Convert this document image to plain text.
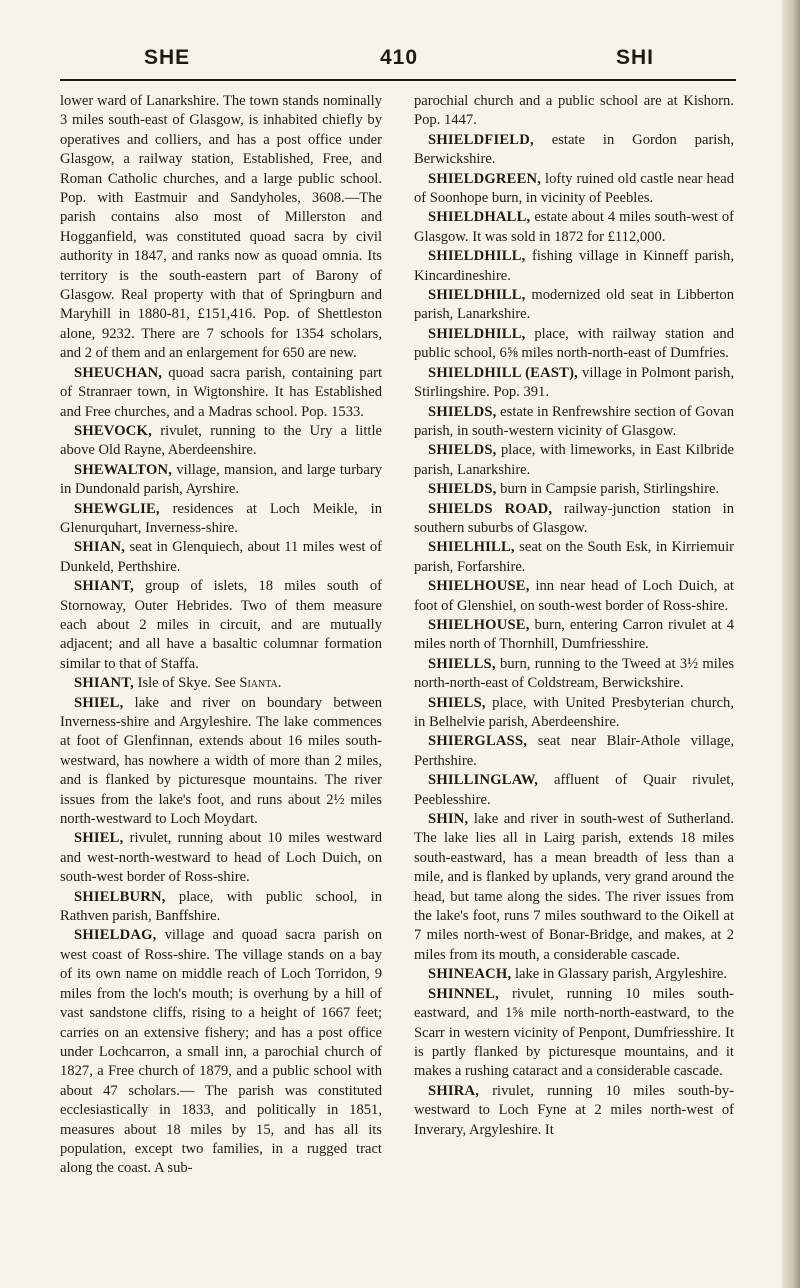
SHE	410	SHI

lower ward of Lanarkshire. The town stands nominally 3 miles south-east of Glasgow, is inhabited chiefly by operatives and colliers, and has a post office under Glasgow, a railway station, Established, Free, and Roman Catholic churches, and a large public school. Pop. with Eastmuir and Sandyholes, 3608.—The parish contains also most of Millerston and Hogganfield, was constituted quoad sacra by civil authority in 1847, and ranks now as quoad omnia. Its territory is the south-eastern part of Barony of Glasgow. Real property with that of Springburn and Maryhill in 1880-81, £151,416. Pop. of Shettleston alone, 9232. There are 7 schools for 1354 scholars, and 2 of them and an enlargement for 650 are new.

SHEUCHAN, quoad sacra parish, containing part of Stranraer town, in Wigtonshire. It has Established and Free churches, and a Madras school. Pop. 1533.

SHEVOCK, rivulet, running to the Ury a little above Old Rayne, Aberdeenshire.

SHEWALTON, village, mansion, and large turbary in Dundonald parish, Ayrshire.

SHEWGLIE, residences at Loch Meikle, in Glenurquhart, Inverness-shire.

SHIAN, seat in Glenquiech, about 11 miles west of Dunkeld, Perthshire.

SHIANT, group of islets, 18 miles south of Stornoway, Outer Hebrides. Two of them measure each about 2 miles in circuit, and are mutually adjacent; and all have a basaltic columnar formation similar to that of Staffa.

SHIANT, Isle of Skye. See Sianta.

SHIEL, lake and river on boundary between Inverness-shire and Argyleshire. The lake commences at foot of Glenfinnan, extends about 16 miles south-westward, has nowhere a width of more than 2 miles, and is flanked by picturesque mountains. The river issues from the lake's foot, and runs about 2½ miles north-westward to Loch Moydart.

SHIEL, rivulet, running about 10 miles westward and west-north-westward to head of Loch Duich, on south-west border of Ross-shire.

SHIELBURN, place, with public school, in Rathven parish, Banffshire.

SHIELDAG, village and quoad sacra parish on west coast of Ross-shire. The village stands on a bay of its own name on middle reach of Loch Torridon, 9 miles from the loch's mouth; is overhung by a hill of vast sandstone cliffs, rising to a height of 1667 feet; carries on an extensive fishery; and has a post office under Lochcarron, a small inn, a parochial church of 1827, a Free church of 1879, and a public school with about 47 scholars.— The parish was constituted ecclesiastically in 1833, and politically in 1851, measures about 18 miles by 15, and has all its population, except two families, in a rugged tract along the coast. A sub-

parochial church and a public school are at Kishorn. Pop. 1447.

SHIELDFIELD, estate in Gordon parish, Berwickshire.

SHIELDGREEN, lofty ruined old castle near head of Soonhope burn, in vicinity of Peebles.

SHIELDHALL, estate about 4 miles south-west of Glasgow. It was sold in 1872 for £112,000.

SHIELDHILL, fishing village in Kinneff parish, Kincardineshire.

SHIELDHILL, modernized old seat in Libberton parish, Lanarkshire.

SHIELDHILL, place, with railway station and public school, 6⅝ miles north-north-east of Dumfries.

SHIELDHILL (EAST), village in Polmont parish, Stirlingshire. Pop. 391.

SHIELDS, estate in Renfrewshire section of Govan parish, in south-western vicinity of Glasgow.

SHIELDS, place, with limeworks, in East Kilbride parish, Lanarkshire.

SHIELDS, burn in Campsie parish, Stirlingshire.

SHIELDS ROAD, railway-junction station in southern suburbs of Glasgow.

SHIELHILL, seat on the South Esk, in Kirriemuir parish, Forfarshire.

SHIELHOUSE, inn near head of Loch Duich, at foot of Glenshiel, on south-west border of Ross-shire.

SHIELHOUSE, burn, entering Carron rivulet at 4 miles north of Thornhill, Dumfriesshire.

SHIELLS, burn, running to the Tweed at 3½ miles north-north-east of Coldstream, Berwickshire.

SHIELS, place, with United Presbyterian church, in Belhelvie parish, Aberdeenshire.

SHIERGLASS, seat near Blair-Athole village, Perthshire.

SHILLINGLAW, affluent of Quair rivulet, Peeblesshire.

SHIN, lake and river in south-west of Sutherland. The lake lies all in Lairg parish, extends 18 miles south-eastward, has a mean breadth of less than a mile, and is flanked by uplands, very grand around the head, but tame along the sides. The river issues from the lake's foot, runs 7 miles southward to the Oikell at 7 miles north-west of Bonar-Bridge, and makes, at 2 miles from its mouth, a considerable cascade.

SHINEACH, lake in Glassary parish, Argyleshire.

SHINNEL, rivulet, running 10 miles south-eastward, and 1⅝ mile north-north-eastward, to the Scarr in western vicinity of Penpont, Dumfriesshire. It is partly flanked by picturesque mountains, and it makes a rushing cataract and a considerable cascade.

SHIRA, rivulet, running 10 miles south-by-westward to Loch Fyne at 2 miles north-west of Inverary, Argyleshire. It
